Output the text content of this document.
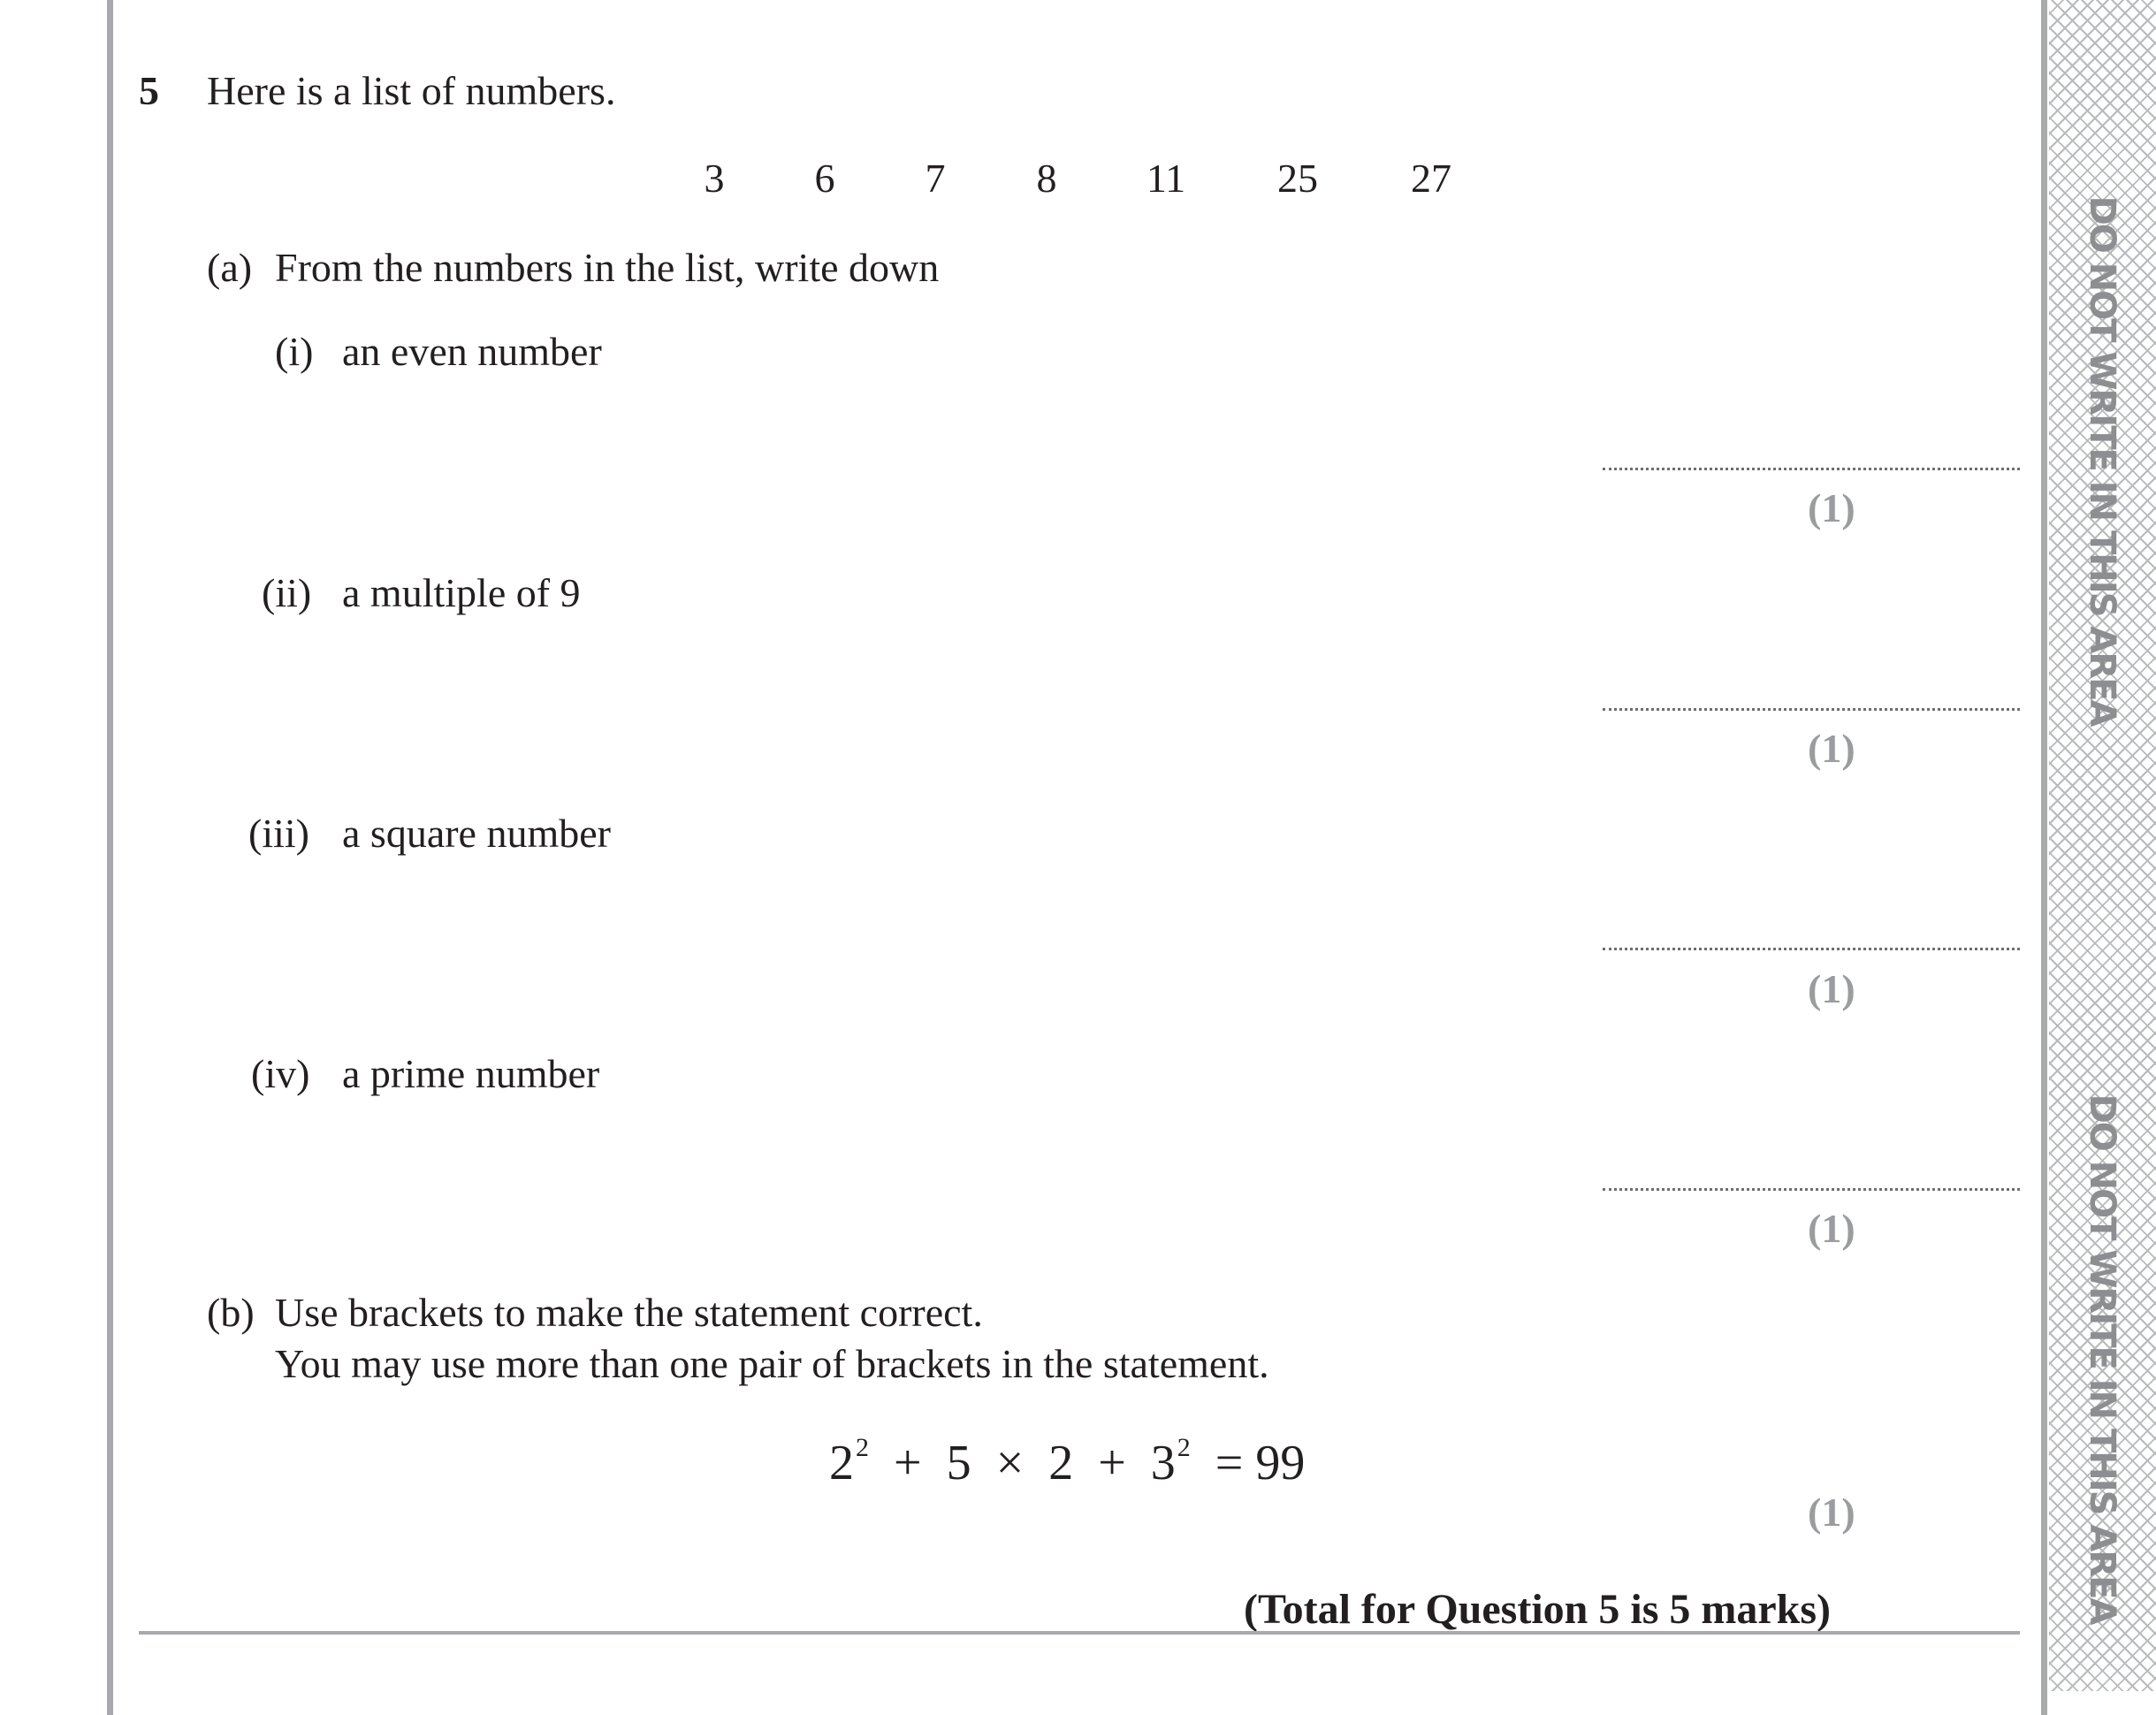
DO NOT WRITE IN THIS AREA
DO NOT WRITE IN THIS AREA
5 Here is a list of numbers.
3 6 7 8 11 25 27
(a) From the numbers in the list, write down
(i) an even number
(1)
(ii) a multiple of 9
(1)
(iii) a square number
(1)
(iv) a prime number
(1)
(b) Use brackets to make the statement correct.
You may use more than one pair of brackets in the statement.
$2^2 + 5 \times 2 + 3^2 = 99$
(1)
(Total for Question 5 is 5 marks)
